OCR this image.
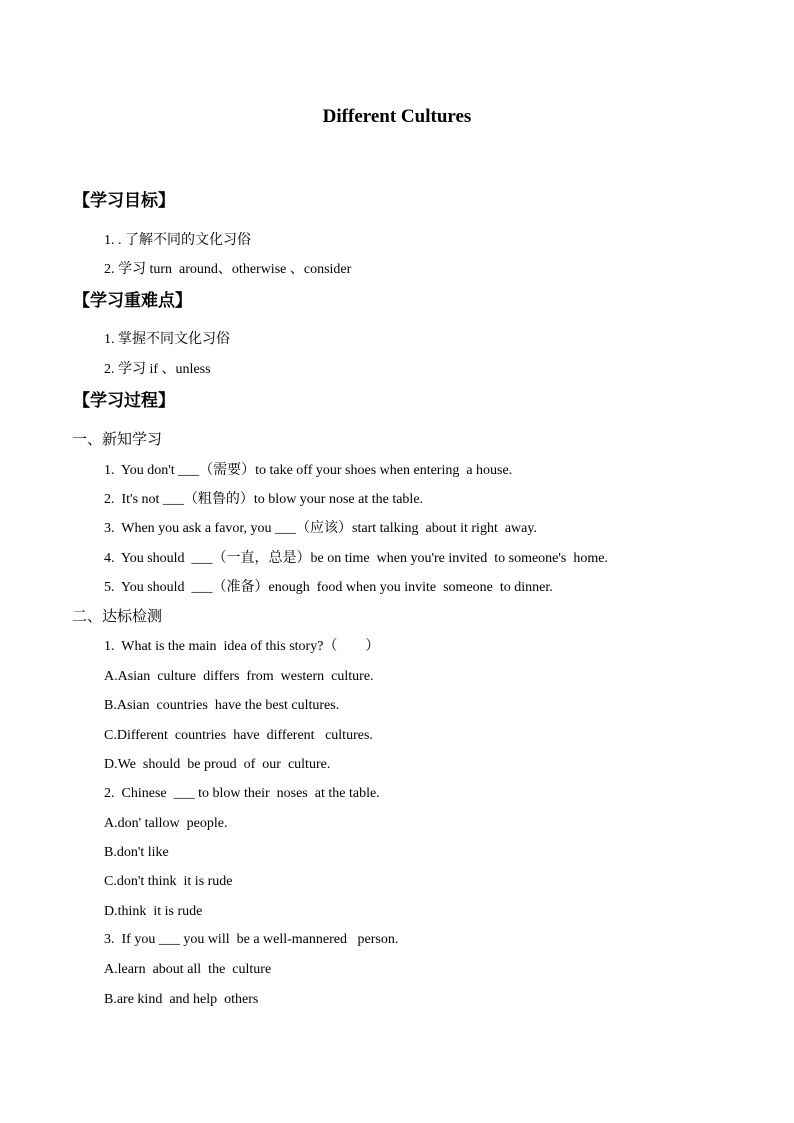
Different Cultures
【学习目标】
1. . 了解不同的文化习俗
2. 学习 turn  around、otherwise 、consider
【学习重难点】
1. 掌握不同文化习俗
2. 学习 if 、unless
【学习过程】
一、新知学习
1.  You don't ___（需要）to take off your shoes when entering  a house.
2.  It's not ___（粗鲁的）to blow your nose at the table.
3.  When you ask a favor, you ___（应该）start talking  about it right  away.
4.  You should  ___（一直，总是）be on time  when you're invited  to someone's  home.
5.  You should  ___（准备）enough  food when you invite  someone  to dinner.
二、达标检测
1.  What is the main  idea of this story?（        ）
A.Asian  culture  differs  from  western  culture.
B.Asian  countries  have the best cultures.
C.Different  countries  have  different   cultures.
D.We  should  be proud  of  our  culture.
2.  Chinese  ___ to blow their  noses  at the table.
A.don' tallow  people.
B.don't like
C.don't think  it is rude
D.think  it is rude
3.  If you ___ you will  be a well-mannered   person.
A.learn  about all  the  culture
B.are kind  and help  others
